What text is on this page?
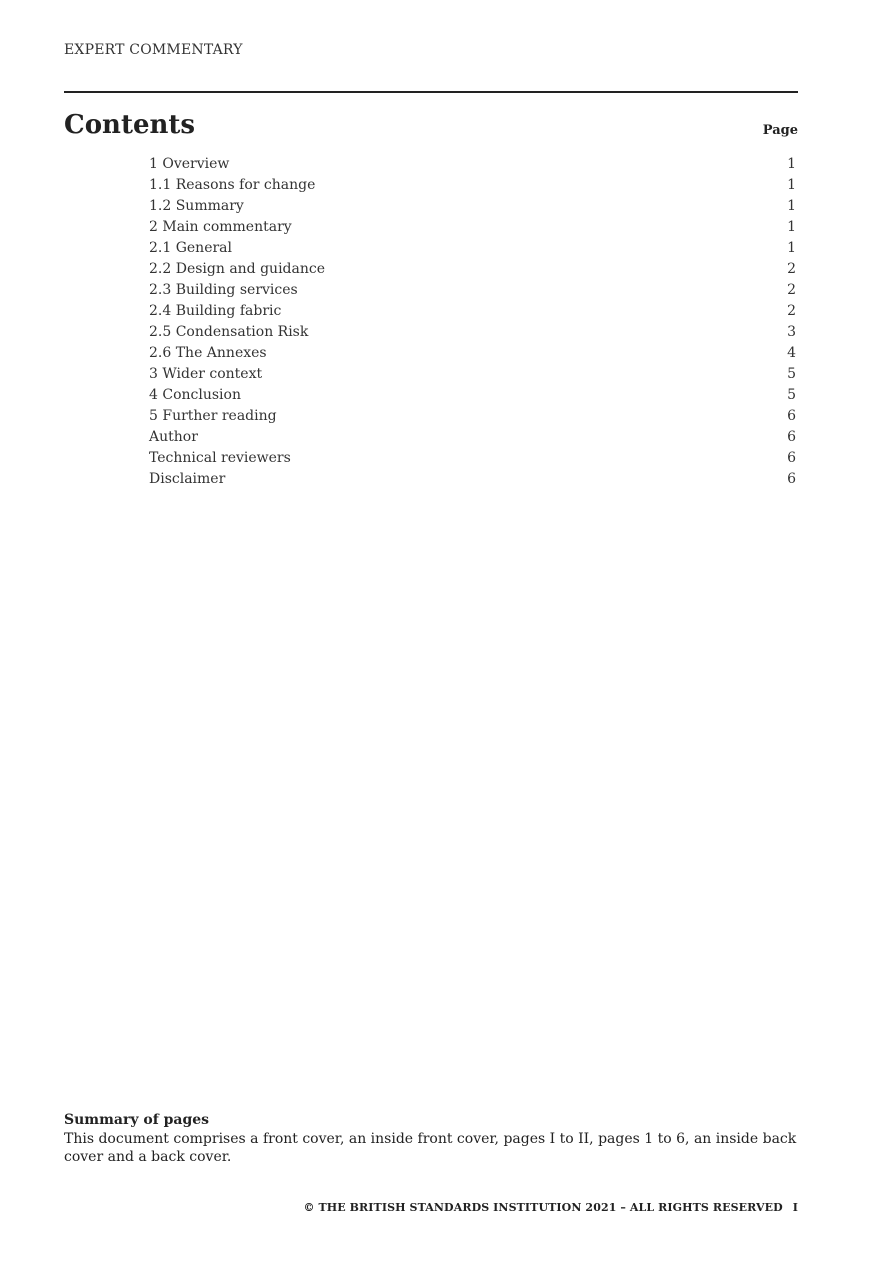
EXPERT COMMENTARY
Contents	Page
1 Overview	1
1.1 Reasons for change	1
1.2 Summary	1
2 Main commentary	1
2.1 General	1
2.2 Design and guidance	2
2.3 Building services	2
2.4 Building fabric	2
2.5 Condensation Risk	3
2.6 The Annexes	4
3 Wider context	5
4 Conclusion	5
5 Further reading	6
Author	6
Technical reviewers	6
Disclaimer	6
Summary of pages
This document comprises a front cover, an inside front cover, pages I to II, pages 1 to 6, an inside back cover and a back cover.
© THE BRITISH STANDARDS INSTITUTION 2021 – ALL RIGHTS RESERVED I
